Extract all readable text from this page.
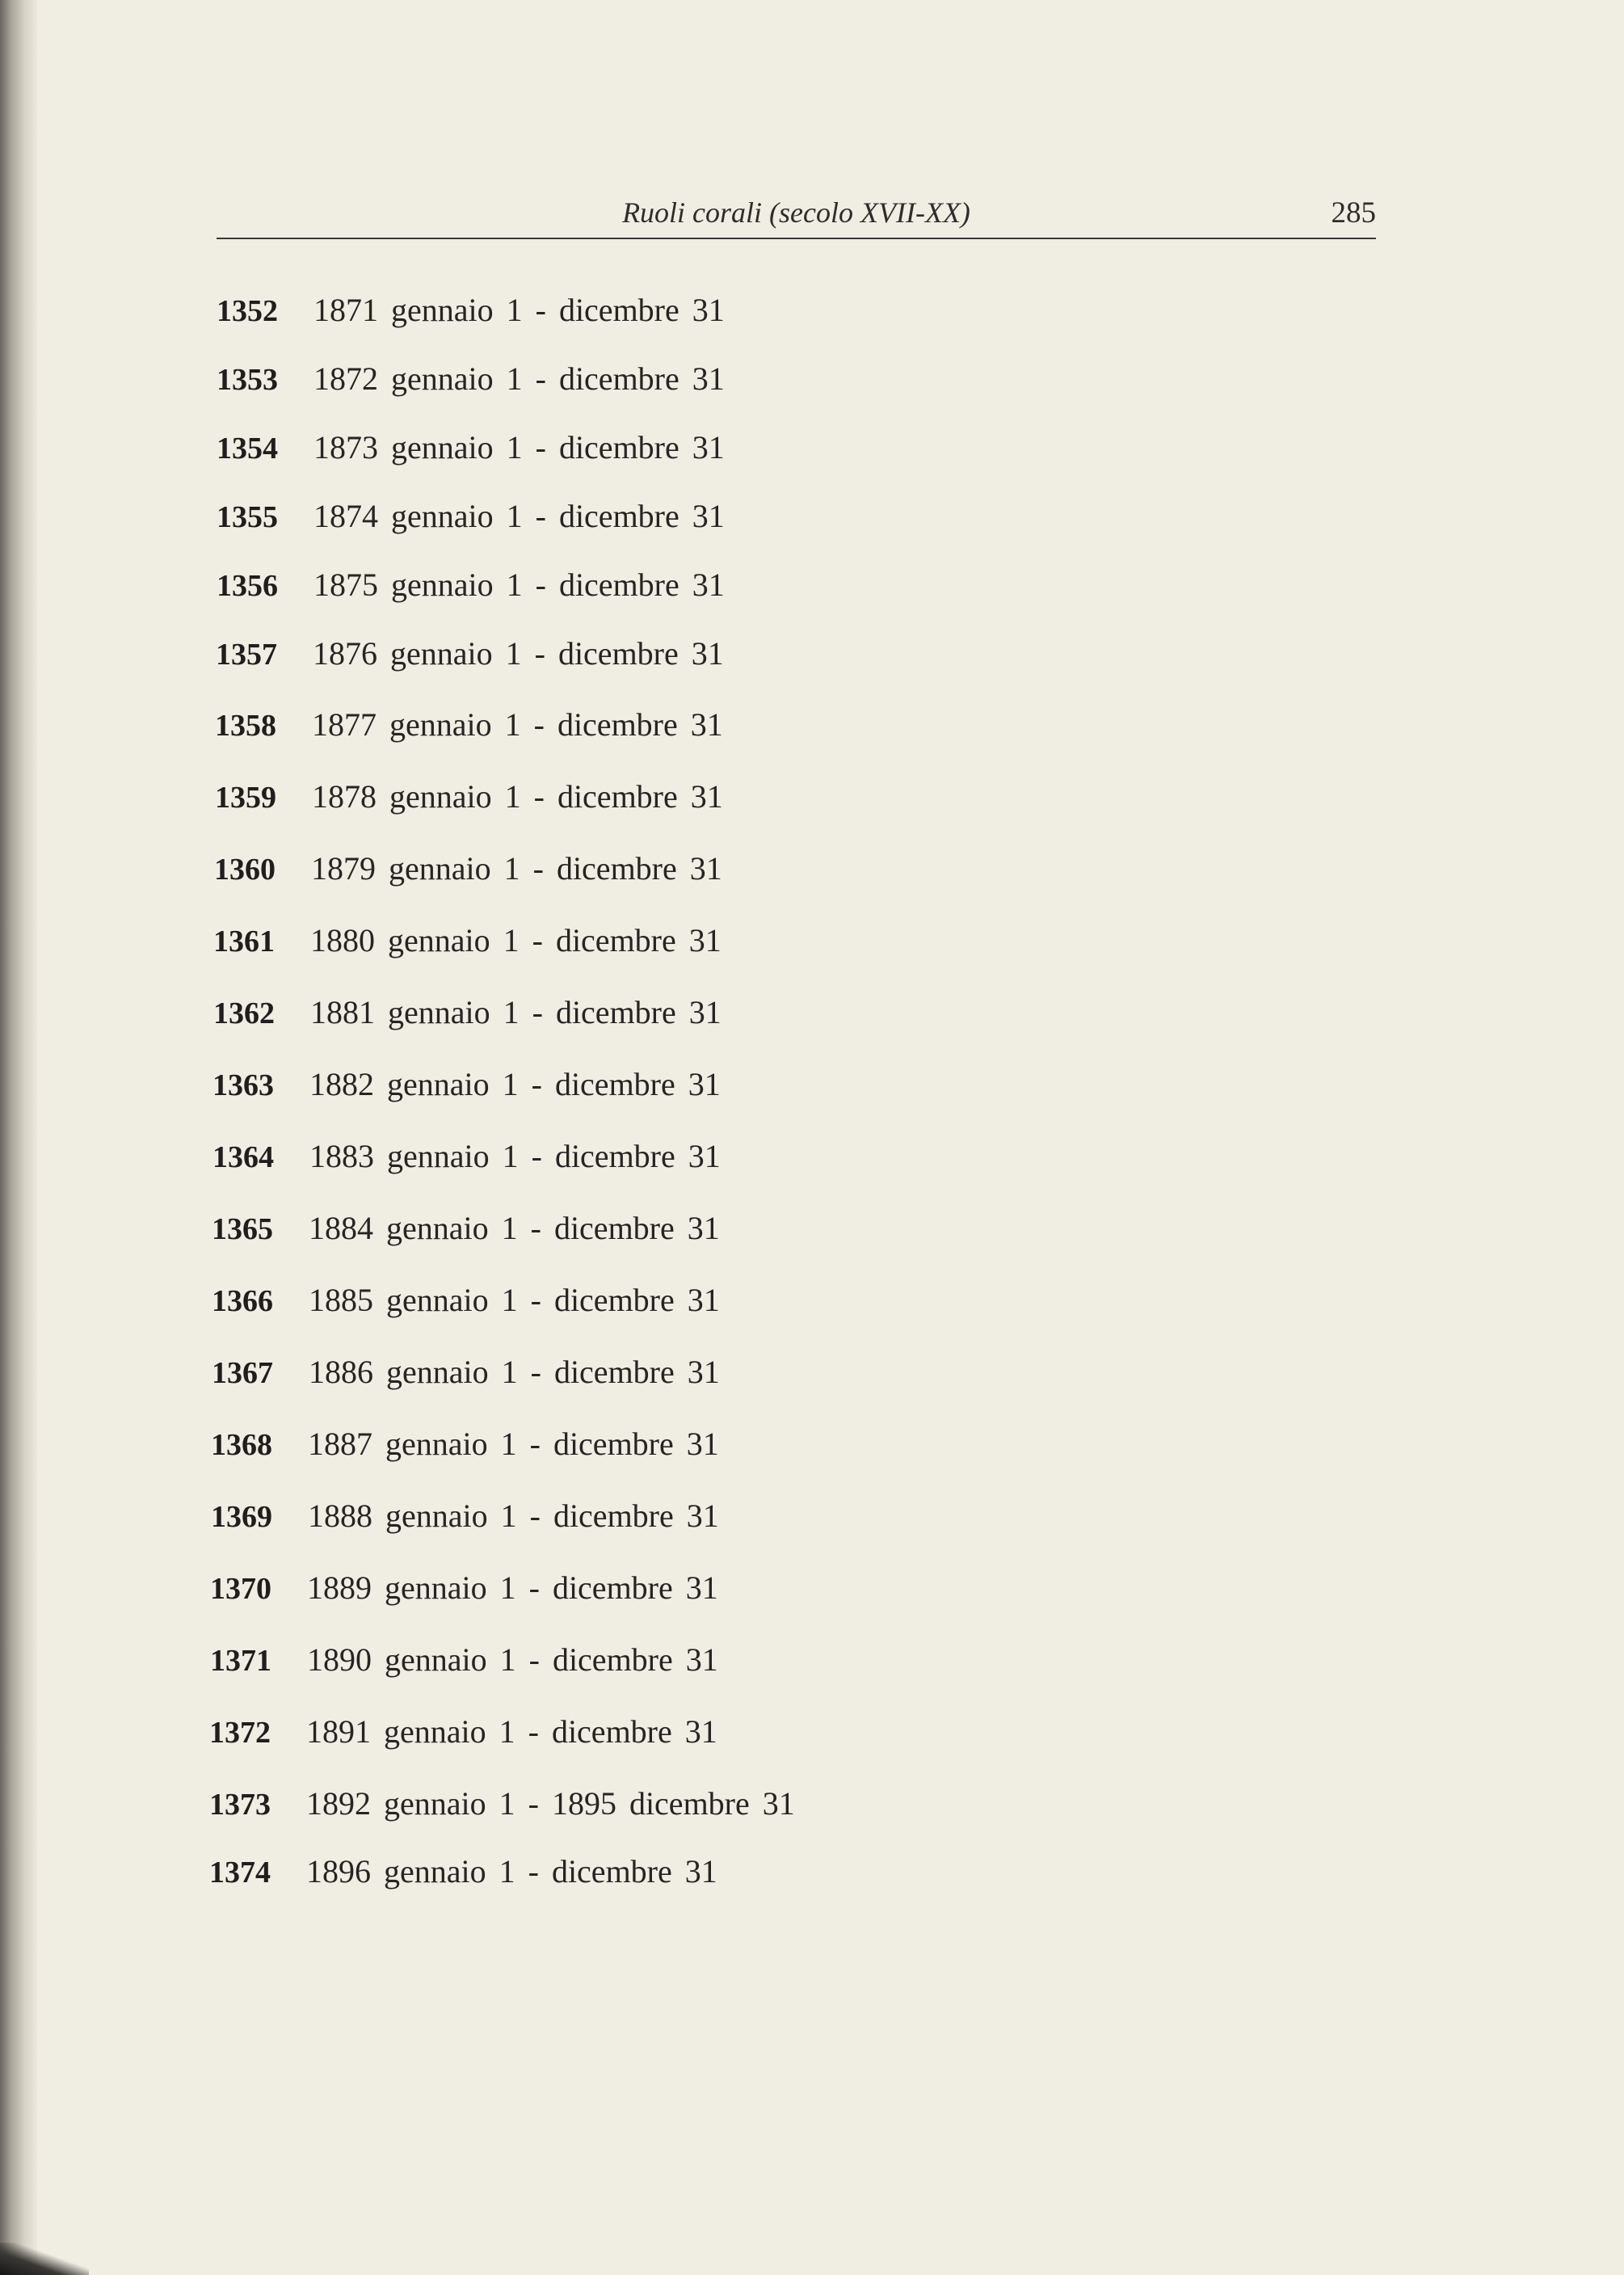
Ruoli corali (secolo XVII-XX)	285
1352 1871 gennaio 1 - dicembre 31
1353 1872 gennaio 1 - dicembre 31
1354 1873 gennaio 1 - dicembre 31
1355 1874 gennaio 1 - dicembre 31
1356 1875 gennaio 1 - dicembre 31
1357 1876 gennaio 1 - dicembre 31
1358 1877 gennaio 1 - dicembre 31
1359 1878 gennaio 1 - dicembre 31
1360 1879 gennaio 1 - dicembre 31
1361 1880 gennaio 1 - dicembre 31
1362 1881 gennaio 1 - dicembre 31
1363 1882 gennaio 1 - dicembre 31
1364 1883 gennaio 1 - dicembre 31
1365 1884 gennaio 1 - dicembre 31
1366 1885 gennaio 1 - dicembre 31
1367 1886 gennaio 1 - dicembre 31
1368 1887 gennaio 1 - dicembre 31
1369 1888 gennaio 1 - dicembre 31
1370 1889 gennaio 1 - dicembre 31
1371 1890 gennaio 1 - dicembre 31
1372 1891 gennaio 1 - dicembre 31
1373 1892 gennaio 1 - 1895 dicembre 31
1374 1896 gennaio 1 - dicembre 31
